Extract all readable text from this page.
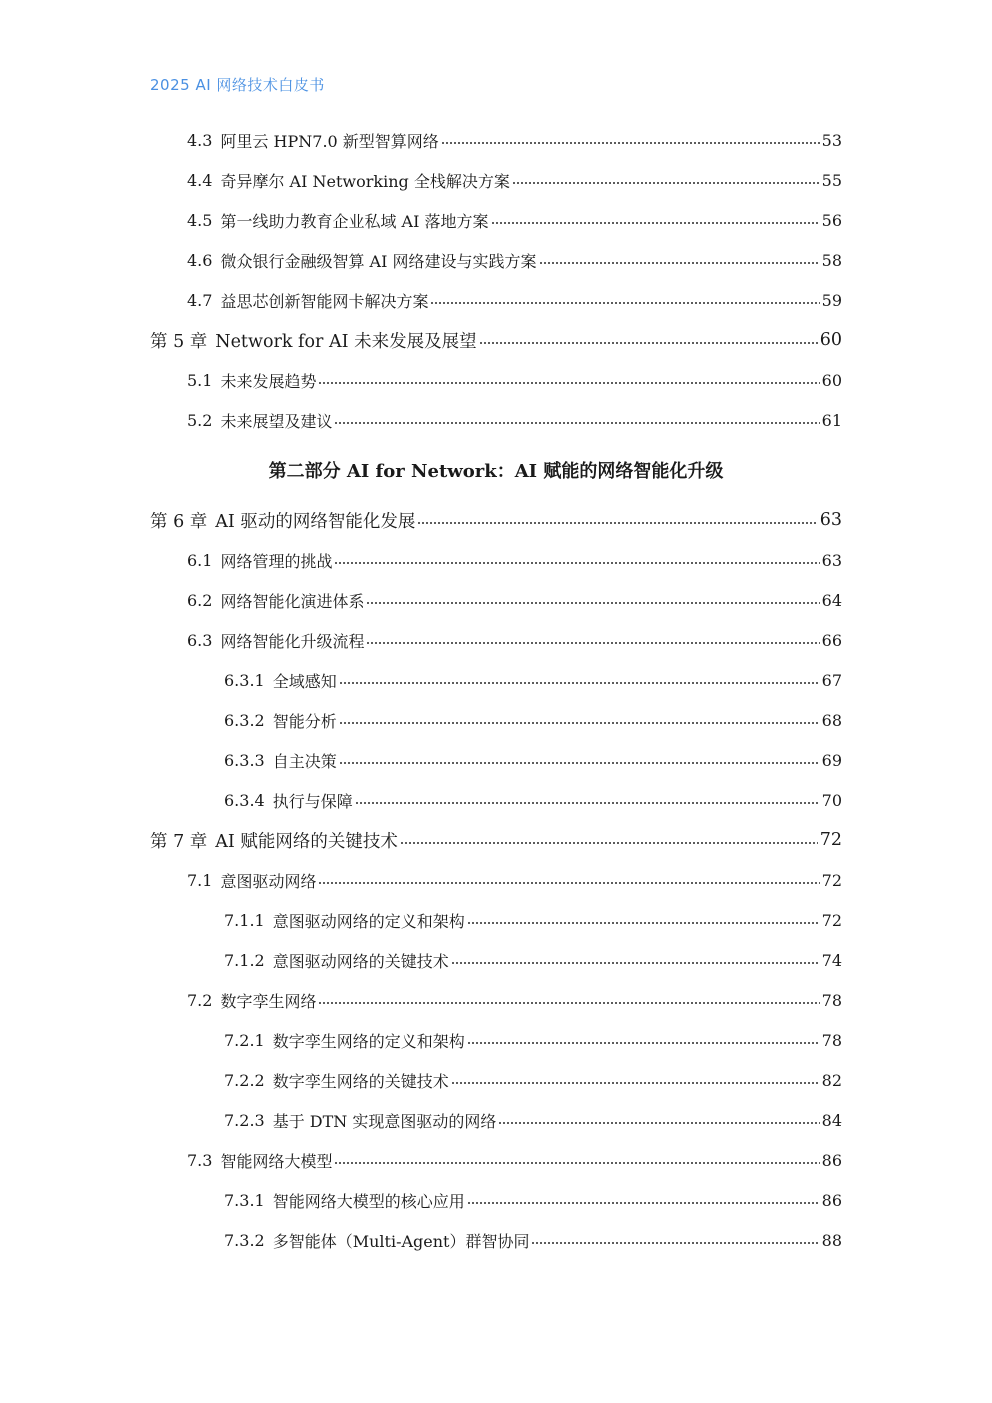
2025 AI 网络技术白皮书
4.3 阿里云 HPN7.0 新型智算网络	53
4.4 奇异摩尔 AI Networking 全栈解决方案	55
4.5 第一线助力教育企业私域 AI 落地方案	56
4.6 微众银行金融级智算 AI 网络建设与实践方案	58
4.7 益思芯创新智能网卡解决方案	59
第 5 章 Network for AI 未来发展及展望	60
5.1 未来发展趋势	60
5.2 未来展望及建议	61
第二部分 AI for Network：AI 赋能的网络智能化升级
第 6 章 AI 驱动的网络智能化发展	63
6.1 网络管理的挑战	63
6.2 网络智能化演进体系	64
6.3 网络智能化升级流程	66
6.3.1 全域感知	67
6.3.2 智能分析	68
6.3.3 自主决策	69
6.3.4 执行与保障	70
第 7 章 AI 赋能网络的关键技术	72
7.1 意图驱动网络	72
7.1.1 意图驱动网络的定义和架构	72
7.1.2 意图驱动网络的关键技术	74
7.2 数字孪生网络	78
7.2.1 数字孪生网络的定义和架构	78
7.2.2 数字孪生网络的关键技术	82
7.2.3 基于 DTN 实现意图驱动的网络	84
7.3 智能网络大模型	86
7.3.1 智能网络大模型的核心应用	86
7.3.2 多智能体（Multi-Agent）群智协同	88
